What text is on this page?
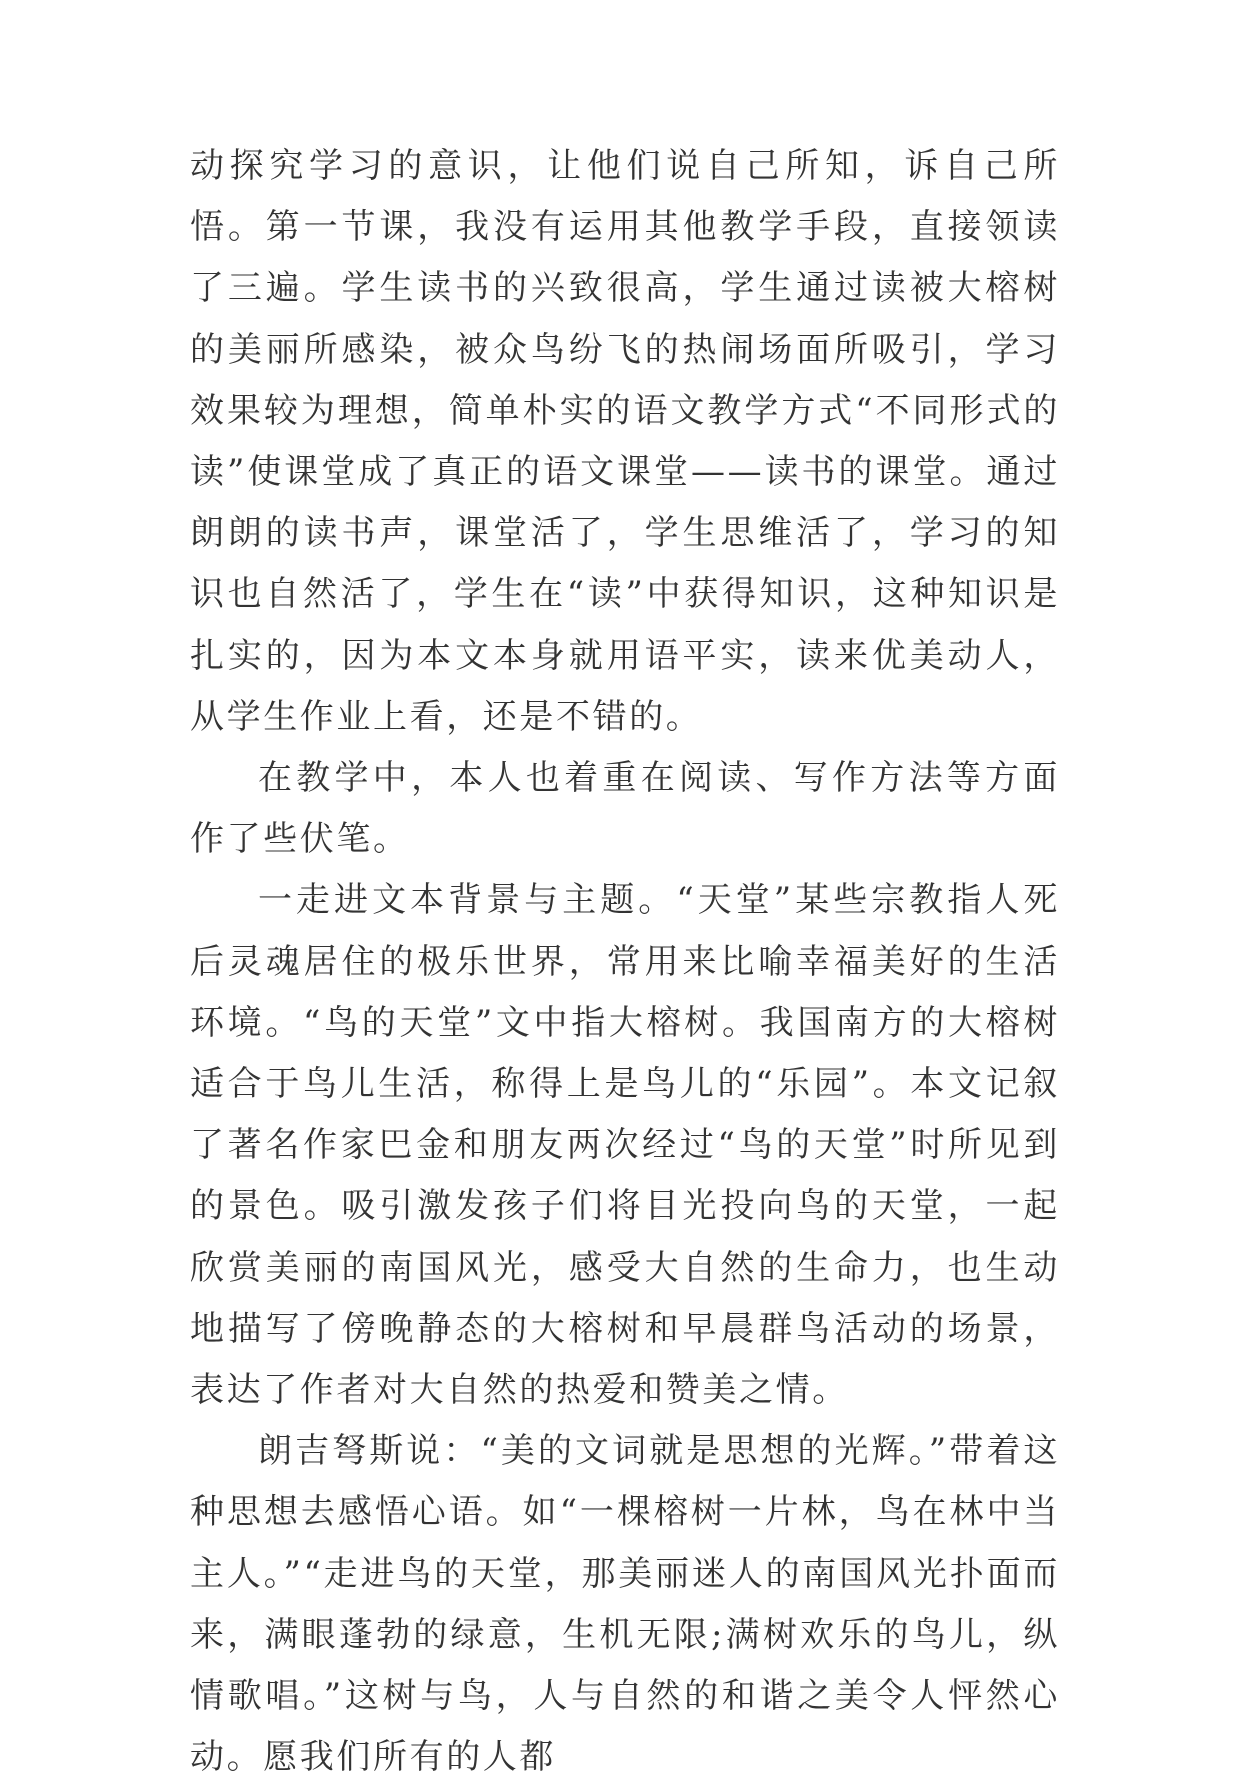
动探究学习的意识，让他们说自己所知，诉自己所悟。第一节课，我没有运用其他教学手段，直接领读了三遍。学生读书的兴致很高，学生通过读被大榕树的美丽所感染，被众鸟纷飞的热闹场面所吸引，学习效果较为理想，简单朴实的语文教学方式“不同形式的读”使课堂成了真正的语文课堂——读书的课堂。通过朗朗的读书声，课堂活了，学生思维活了，学习的知识也自然活了，学生在“读”中获得知识，这种知识是扎实的，因为本文本身就用语平实，读来优美动人，从学生作业上看，还是不错的。

在教学中，本人也着重在阅读、写作方法等方面作了些伏笔。

一走进文本背景与主题。“天堂”某些宗教指人死后灵魂居住的极乐世界，常用来比喻幸福美好的生活环境。“鸟的天堂”文中指大榕树。我国南方的大榕树适合于鸟儿生活，称得上是鸟儿的“乐园”。本文记叙了著名作家巴金和朋友两次经过“鸟的天堂”时所见到的景色。吸引激发孩子们将目光投向鸟的天堂，一起欣赏美丽的南国风光，感受大自然的生命力，也生动地描写了傍晚静态的大榕树和早晨群鸟活动的场景，表达了作者对大自然的热爱和赞美之情。

朗吉弩斯说：“美的文词就是思想的光辉。”带着这种思想去感悟心语。如“一棵榕树一片林，鸟在林中当主人。”“走进鸟的天堂，那美丽迷人的南国风光扑面而来，满眼蓬勃的绿意，生机无限;满树欢乐的鸟儿，纵情歌唱。”这树与鸟，人与自然的和谐之美令人怦然心动。愿我们所有的人都
